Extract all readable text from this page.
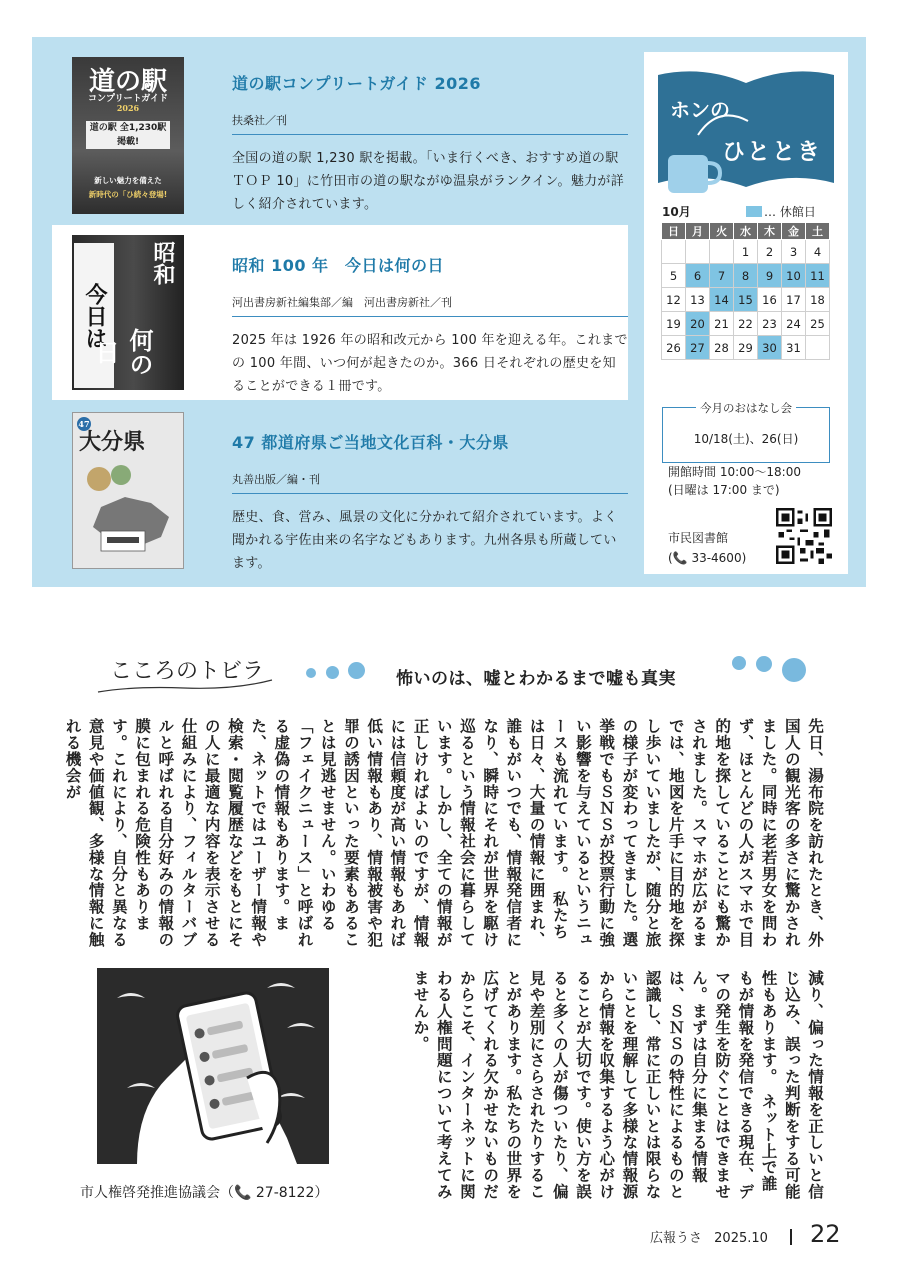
道の駅
コンプリートガイド
2026
道の駅 全1,230駅掲載!
新しい魅力を備えた
新時代の「ひ続々登場!
道の駅コンプリートガイド 2026
扶桑社／刊
全国の道の駅 1,230 駅を掲載。「いま行くべき、おすすめ道の駅ＴＯＰ 10」に竹田市の道の駅ながゆ温泉がランクイン。魅力が詳しく紹介されています。
昭和
今日は
何の日
昭和 100 年　今日は何の日
河出書房新社編集部／編　河出書房新社／刊
2025 年は 1926 年の昭和改元から 100 年を迎える年。これまでの 100 年間、いつ何が起きたのか。366 日それぞれの歴史を知ることができる１冊です。
47
大分県	47 都道府県ご当地文化百科・大分県
丸善出版／編・刊
歴史、食、営み、風景の文化に分かれて紹介されています。よく聞かれる宇佐由来の名字などもあります。九州各県も所蔵しています。
ホンの
ひととき
10月	… 休館日
日	月	火	水	木	金	土
			1	2	3	4
5	6	7	8	9	10	11
12	13	14	15	16	17	18
19	20	21	22	23	24	25
26	27	28	29	30	31	
今月のおはなし会
10/18(土)、26(日)
開館時間 10:00～18:00
(日曜は 17:00 まで)
市民図書館
(📞 33-4600)
こころのトビラ	怖いのは、嘘とわかるまで嘘も真実
先日、湯布院を訪れたとき、外国人の観光客の多さに驚かされました。同時に老若男女を問わず、ほとんどの人がスマホで目的地を探していることにも驚かされました。スマホが広がるまでは、地図を片手に目的地を探し歩いていましたが、随分と旅の様子が変わってきました。選挙戦でもＳＮＳが投票行動に強い影響を与えているというニュースも流れています。　私たちは日々、大量の情報に囲まれ、誰もがいつでも、情報発信者になり、瞬時にそれが世界を駆け巡るという情報社会に暮らしています。しかし、全ての情報が正しければよいのですが、情報には信頼度が高い情報もあれば低い情報もあり、情報被害や犯罪の誘因といった要素もあることは見逃せません。いわゆる「フェイクニュース」と呼ばれる虚偽の情報もあります。また、ネットではユーザー情報や検索・閲覧履歴などをもとにその人に最適な内容を表示させる仕組みにより、フィルターバブルと呼ばれる自分好みの情報の膜に包まれる危険性もあります。これにより、自分と異なる意見や価値観、多様な情報に触れる機会が
減り、偏った情報を正しいと信じ込み、誤った判断をする可能性もあります。　ネット上で誰もが情報を発信できる現在、デマの発生を防ぐことはできません。まずは自分に集まる情報は、ＳＮＳの特性によるものと認識し、常に正しいとは限らないことを理解して多様な情報源から情報を収集するよう心がけることが大切です。使い方を誤ると多くの人が傷ついたり、偏見や差別にさらされたりすることがあります。私たちの世界を広げてくれる欠かせないものだからこそ、インターネットに関わる人権問題について考えてみませんか。
市人権啓発推進協議会（📞 27-8122）
広報うさ 2025.10 22
